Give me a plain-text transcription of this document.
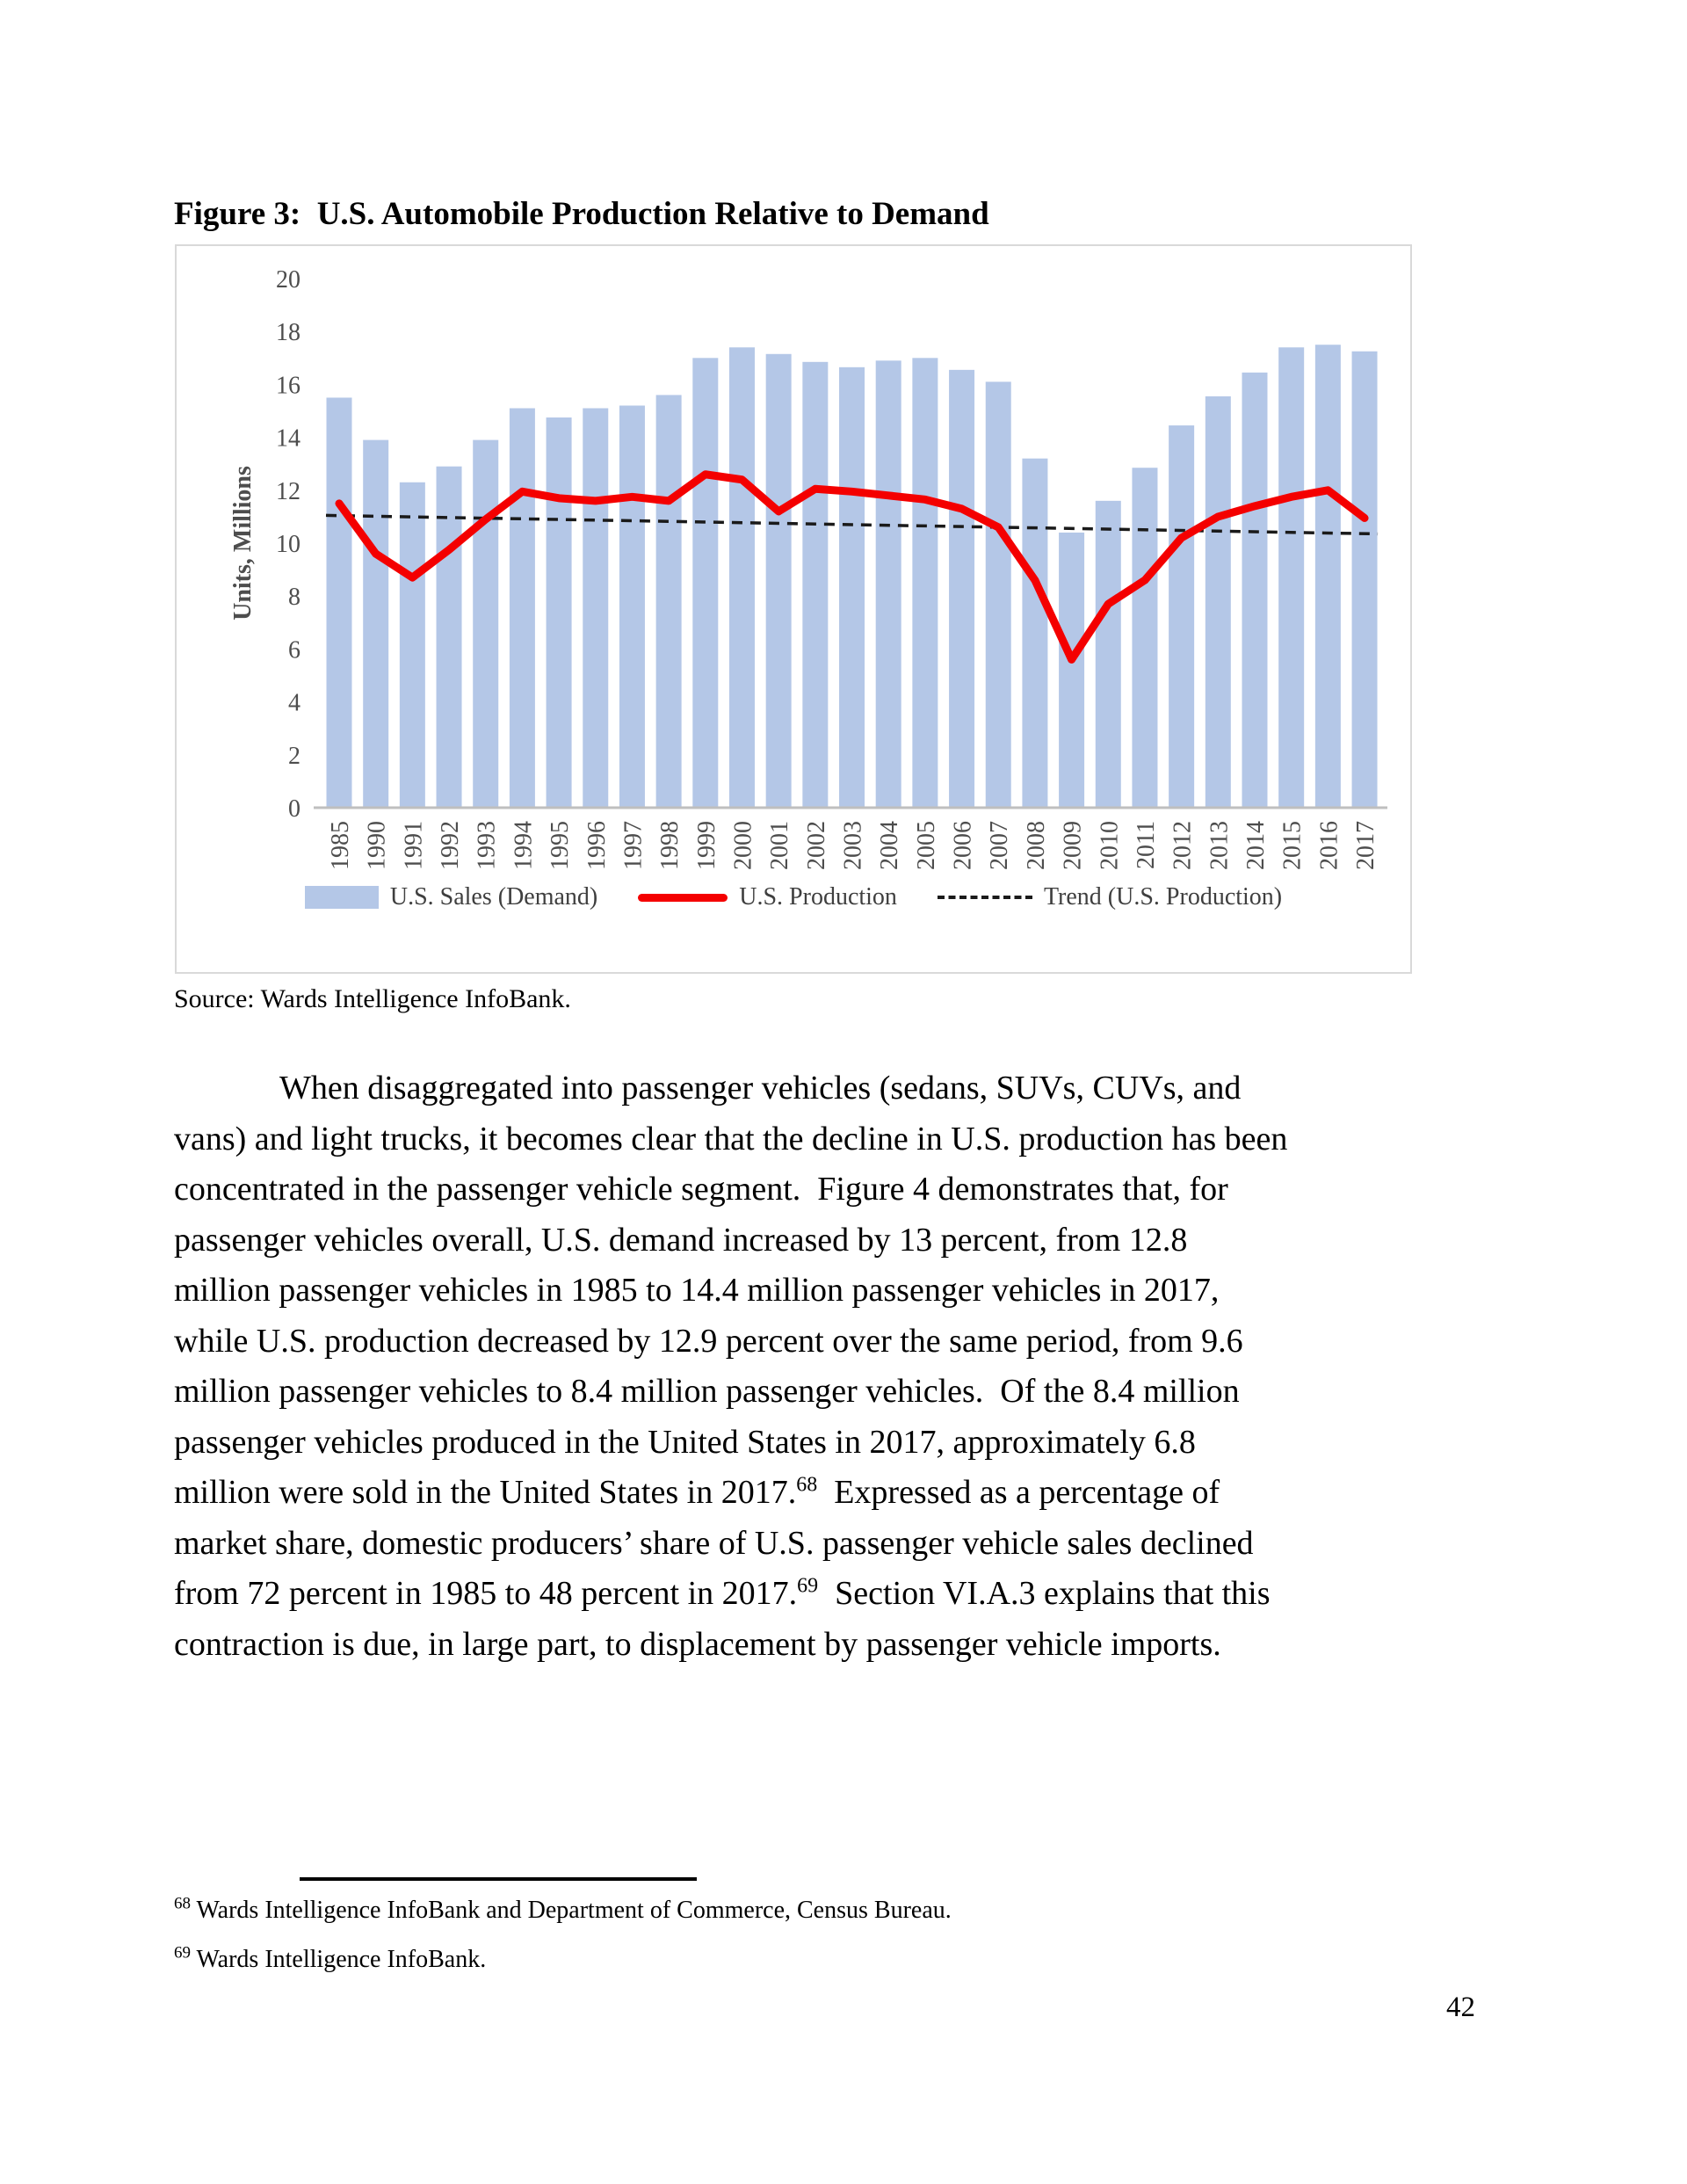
Figure 3:  U.S. Automobile Production Relative to Demand
0
2
4
6
8
10
12
14
16
18
20
Units, Millions
1985 1990 1991 1992 1993 1994 1995 1996 1997 1998 1999 2000 2001 2002 2003 2004 2005 2006 2007 2008 2009 2010 2011 2012 2013 2014 2015 2016 2017
U.S. Sales (Demand)	U.S. Production	Trend (U.S. Production)
Source: Wards Intelligence InfoBank.
When disaggregated into passenger vehicles (sedans, SUVs, CUVs, and
vans) and light trucks, it becomes clear that the decline in U.S. production has been
concentrated in the passenger vehicle segment.  Figure 4 demonstrates that, for
passenger vehicles overall, U.S. demand increased by 13 percent, from 12.8
million passenger vehicles in 1985 to 14.4 million passenger vehicles in 2017,
while U.S. production decreased by 12.9 percent over the same period, from 9.6
million passenger vehicles to 8.4 million passenger vehicles.  Of the 8.4 million
passenger vehicles produced in the United States in 2017, approximately 6.8
million were sold in the United States in 2017.68  Expressed as a percentage of
market share, domestic producers’ share of U.S. passenger vehicle sales declined
from 72 percent in 1985 to 48 percent in 2017.69  Section VI.A.3 explains that this
contraction is due, in large part, to displacement by passenger vehicle imports.
$^{68}$ Wards Intelligence InfoBank and Department of Commerce, Census Bureau.
$^{69}$ Wards Intelligence InfoBank.
42
